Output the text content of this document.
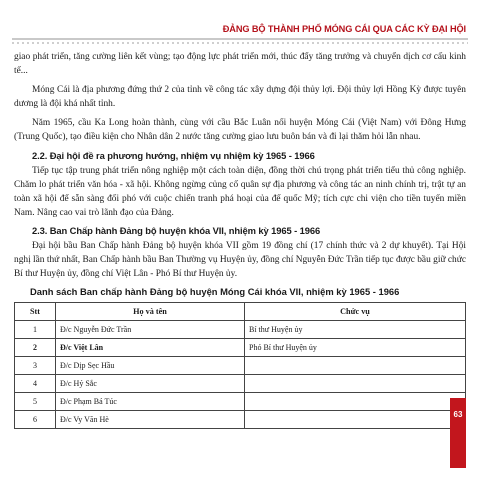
ĐẢNG BỘ THÀNH PHỐ MÓNG CÁI QUA CÁC KỲ ĐẠI HỘI

giao phát triển, tăng cường liên kết vùng; tạo động lực phát triển mới, thúc đẩy tăng trưởng và chuyển dịch cơ cấu kinh tế...

Móng Cái là địa phương đứng thứ 2 của tỉnh về công tác xây dựng đội thủy lợi. Đội thủy lợi Hồng Kỳ được tuyên dương là đội khá nhất tỉnh.

Năm 1965, cầu Ka Long hoàn thành, cùng với cầu Bắc Luân nối huyện Móng Cái (Việt Nam) với Đông Hưng (Trung Quốc), tạo điều kiện cho Nhân dân 2 nước tăng cường giao lưu buôn bán và đi lại thăm hỏi lẫn nhau.

2.2. Đại hội đề ra phương hướng, nhiệm vụ nhiệm kỳ 1965 - 1966

Tiếp tục tập trung phát triển nông nghiệp một cách toàn diện, đồng thời chú trọng phát triển tiểu thủ công nghiệp. Chăm lo phát triển văn hóa - xã hội. Không ngừng củng cố quân sự địa phương và công tác an ninh chính trị, trật tự an toàn xã hội để sẵn sàng đối phó với cuộc chiến tranh phá hoại của đế quốc Mỹ; tích cực chi viện cho tiền tuyến miền Nam. Nâng cao vai trò lãnh đạo của Đảng.

2.3. Ban Chấp hành Đảng bộ huyện khóa VII, nhiệm kỳ 1965 - 1966

Đại hội bầu Ban Chấp hành Đảng bộ huyện khóa VII gồm 19 đồng chí (17 chính thức và 2 dự khuyết). Tại Hội nghị lần thứ nhất, Ban Chấp hành bầu Ban Thường vụ Huyện ủy, đồng chí Nguyễn Đức Trần tiếp tục được bầu giữ chức Bí thư Huyện ủy, đồng chí Việt Lân - Phó Bí thư Huyện ủy.

Danh sách Ban chấp hành Đảng bộ huyện Móng Cái khóa VII, nhiệm kỳ 1965 - 1966
Stt	Họ và tên	Chức vụ
1	Đ/c Nguyễn Đức Trần	Bí thư Huyện ủy
2	Đ/c Việt Lân	Phó Bí thư Huyện ủy
3	Đ/c Dịp Sẹc Hầu	
4	Đ/c Hỷ Sắc	
5	Đ/c Phạm Bá Túc	
6	Đ/c Vy Văn Hè	
63
